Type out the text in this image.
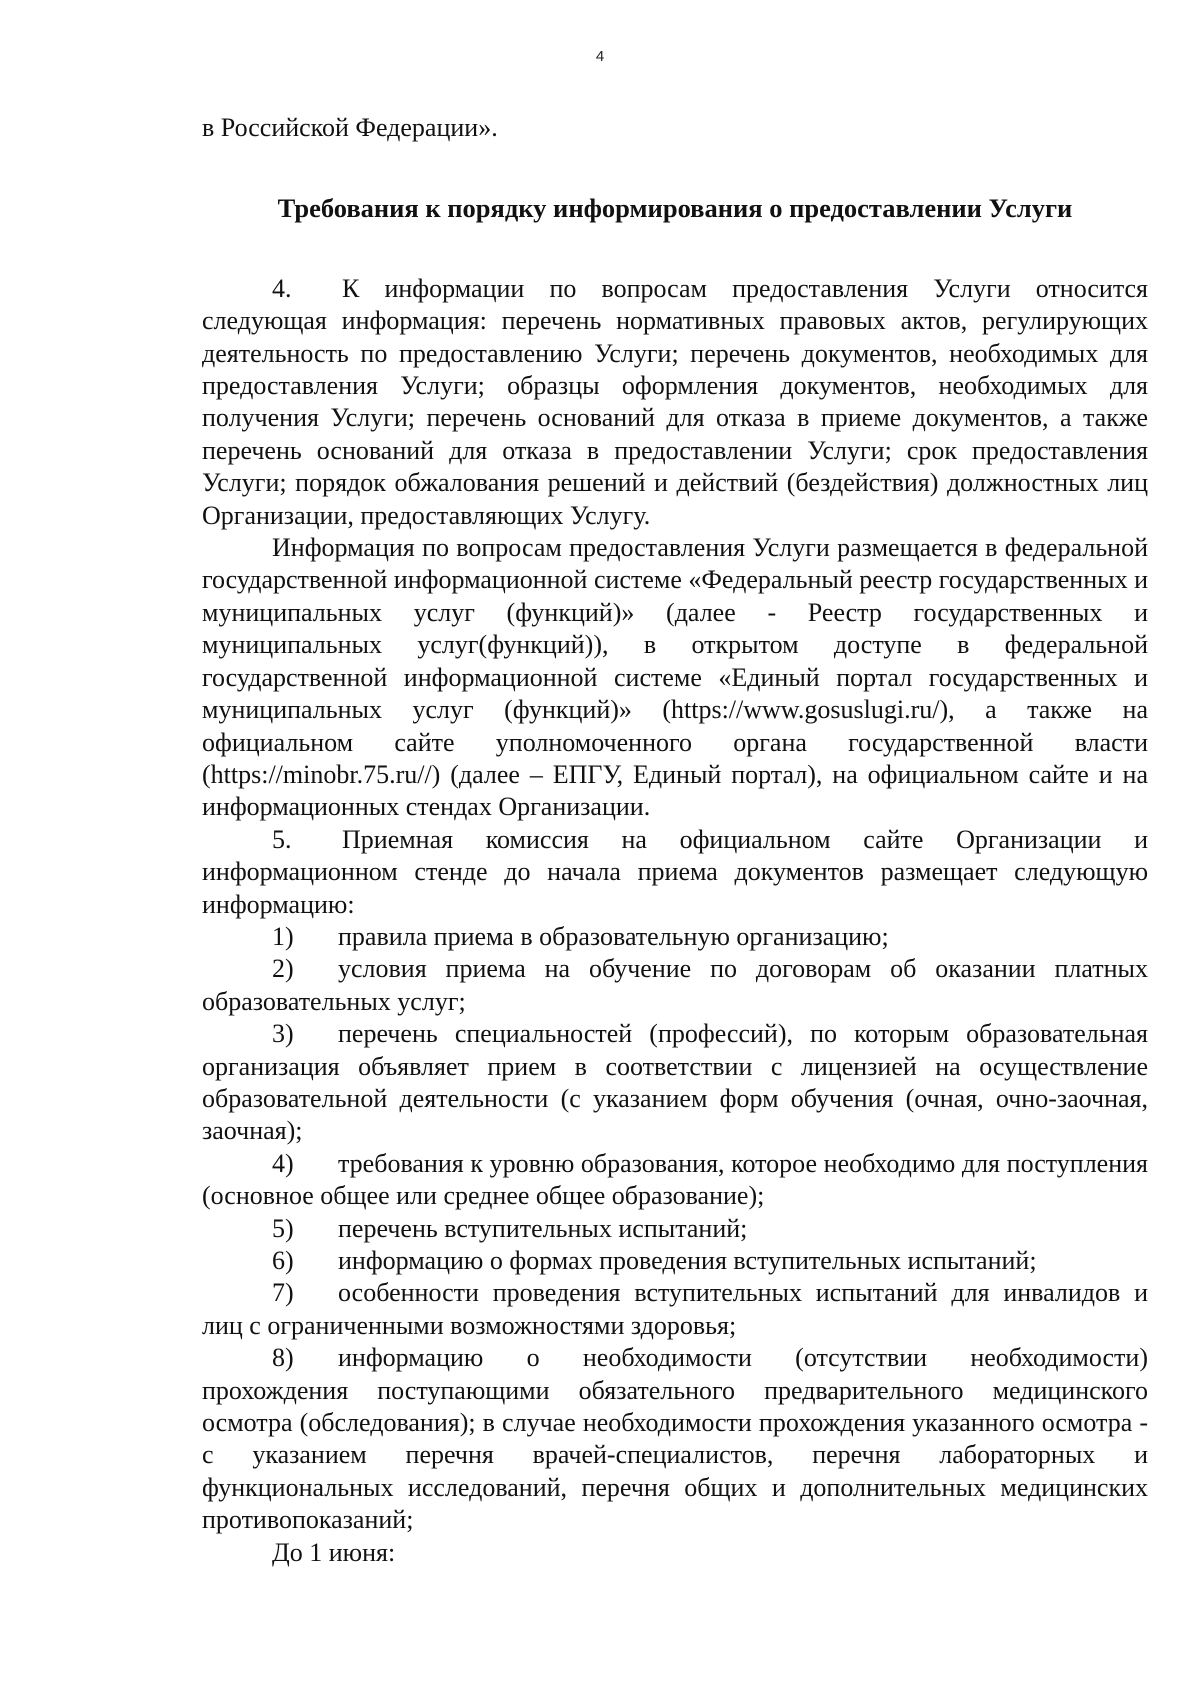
4

в Российской Федерации».

Требования к порядку информирования о предоставлении Услуги

4. К информации по вопросам предоставления Услуги относится следующая информация: перечень нормативных правовых актов, регулирующих деятельность по предоставлению Услуги; перечень документов, необходимых для предоставления Услуги; образцы оформления документов, необходимых для получения Услуги; перечень оснований для отказа в приеме документов, а также перечень оснований для отказа в предоставлении Услуги; срок предоставления Услуги; порядок обжалования решений и действий (бездействия) должностных лиц Организации, предоставляющих Услугу.

Информация по вопросам предоставления Услуги размещается в федеральной государственной информационной системе «Федеральный реестр государственных и муниципальных услуг (функций)» (далее - Реестр государственных и муниципальных услуг(функций)), в открытом доступе в федеральной государственной информационной системе «Единый портал государственных и муниципальных услуг (функций)» (https://www.gosuslugi.ru/), а также на официальном сайте уполномоченного органа государственной власти (https://minobr.75.ru//) (далее – ЕПГУ, Единый портал), на официальном сайте и на информационных стендах Организации.

5. Приемная комиссия на официальном сайте Организации и информационном стенде до начала приема документов размещает следующую информацию:

1) правила приема в образовательную организацию;

2) условия приема на обучение по договорам об оказании платных образовательных услуг;

3) перечень специальностей (профессий), по которым образовательная организация объявляет прием в соответствии с лицензией на осуществление образовательной деятельности (с указанием форм обучения (очная, очно-заочная, заочная);

4) требования к уровню образования, которое необходимо для поступления (основное общее или среднее общее образование);

5) перечень вступительных испытаний;

6) информацию о формах проведения вступительных испытаний;

7) особенности проведения вступительных испытаний для инвалидов и лиц с ограниченными возможностями здоровья;

8) информацию о необходимости (отсутствии необходимости) прохождения поступающими обязательного предварительного медицинского осмотра (обследования); в случае необходимости прохождения указанного осмотра - с указанием перечня врачей-специалистов, перечня лабораторных и функциональных исследований, перечня общих и дополнительных медицинских противопоказаний;

До 1 июня:
